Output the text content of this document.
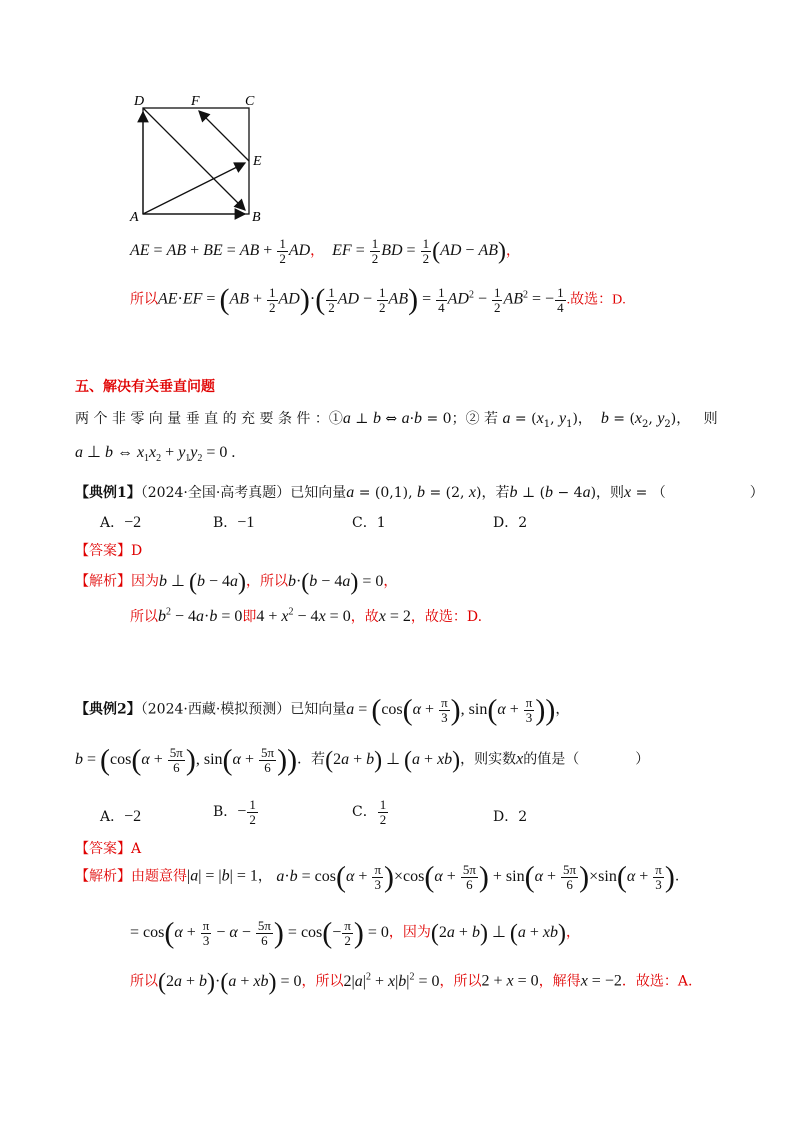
D	F	C
E
A	B
AE = AB + BE = AB + $\frac{1}{2}$ AD， EF = $\frac{1}{2}$ BD = $\frac{1}{2} (AD - AB)$，
所以$AE\cdot EF = (AB + \frac{1}{2} AD)\cdot( \frac{1}{2}$ AD − $\frac{1}{2} AB) = \frac{1}{4} AD^2 - \frac{1}{2} AB^2$ = − $\frac{1}{4}$ .故选：D.
五、解决有关垂直问题
两 个 非 零 向 量 垂 直 的 充 要 条 件 ：①a ⊥ b ⇔ a·b = 0；② 若 $a = (x_1$, $y_1$)，  $b = (x_2$, $y_2$)，   则
a ⊥ b ⇔ $x_1x_2 + y_1y_2 = 0$ .
【典例1】（2024·全国·高考真题）已知向量a = (0,1), b = (2, x)，若b ⊥ (b − 4a)，则x = （　　　　　　）
A．−2	B．−1	C．1	D．2
【答案】D
【解析】因为b ⊥ (b − 4a)，所以b·(b − 4a) = 0，
所以$b^2 - 4a\cdot b = 0$即$4 + x^2 - 4x = 0$，故x = 2，故选：D.
【典例2】（2024·西藏·模拟预测）已知向量$a = (\cos(\alpha + \frac{\pi}{3}$ ), $\sin(\alpha + \frac{\pi}{3}$ ))，
$b = (\cos(\alpha + \frac{5\pi}{6}$ ), $\sin(\alpha + \frac{5\pi}{6}$ ))．若(2a + b) ⊥ (a + xb)，则实数x的值是（　　　　）
A．−2	B．− $\frac{1}{2}$	C． $\frac{1}{2}$	D．2
【答案】A
【解析】由题意得|a| = |b| = 1， $a\cdot b = \cos(\alpha + \frac{\pi}{3} )\times\cos(\alpha + \frac{5\pi}{6}$ ) + $\sin(\alpha + \frac{5\pi}{6} )\times\sin(\alpha + \frac{\pi}{3}$ ).
= $\cos(\alpha + \frac{\pi}{3} - \alpha - \frac{5\pi}{6}$ ) = $\cos(- \frac{\pi}{2}$ ) = 0，因为(2a + b) ⊥ (a + xb)，
所以(2a + b)·(a + xb) = 0，所以$2|a|^2 + x|b|^2 = 0$，所以2 + x = 0，解得x = −2．故选：A.
